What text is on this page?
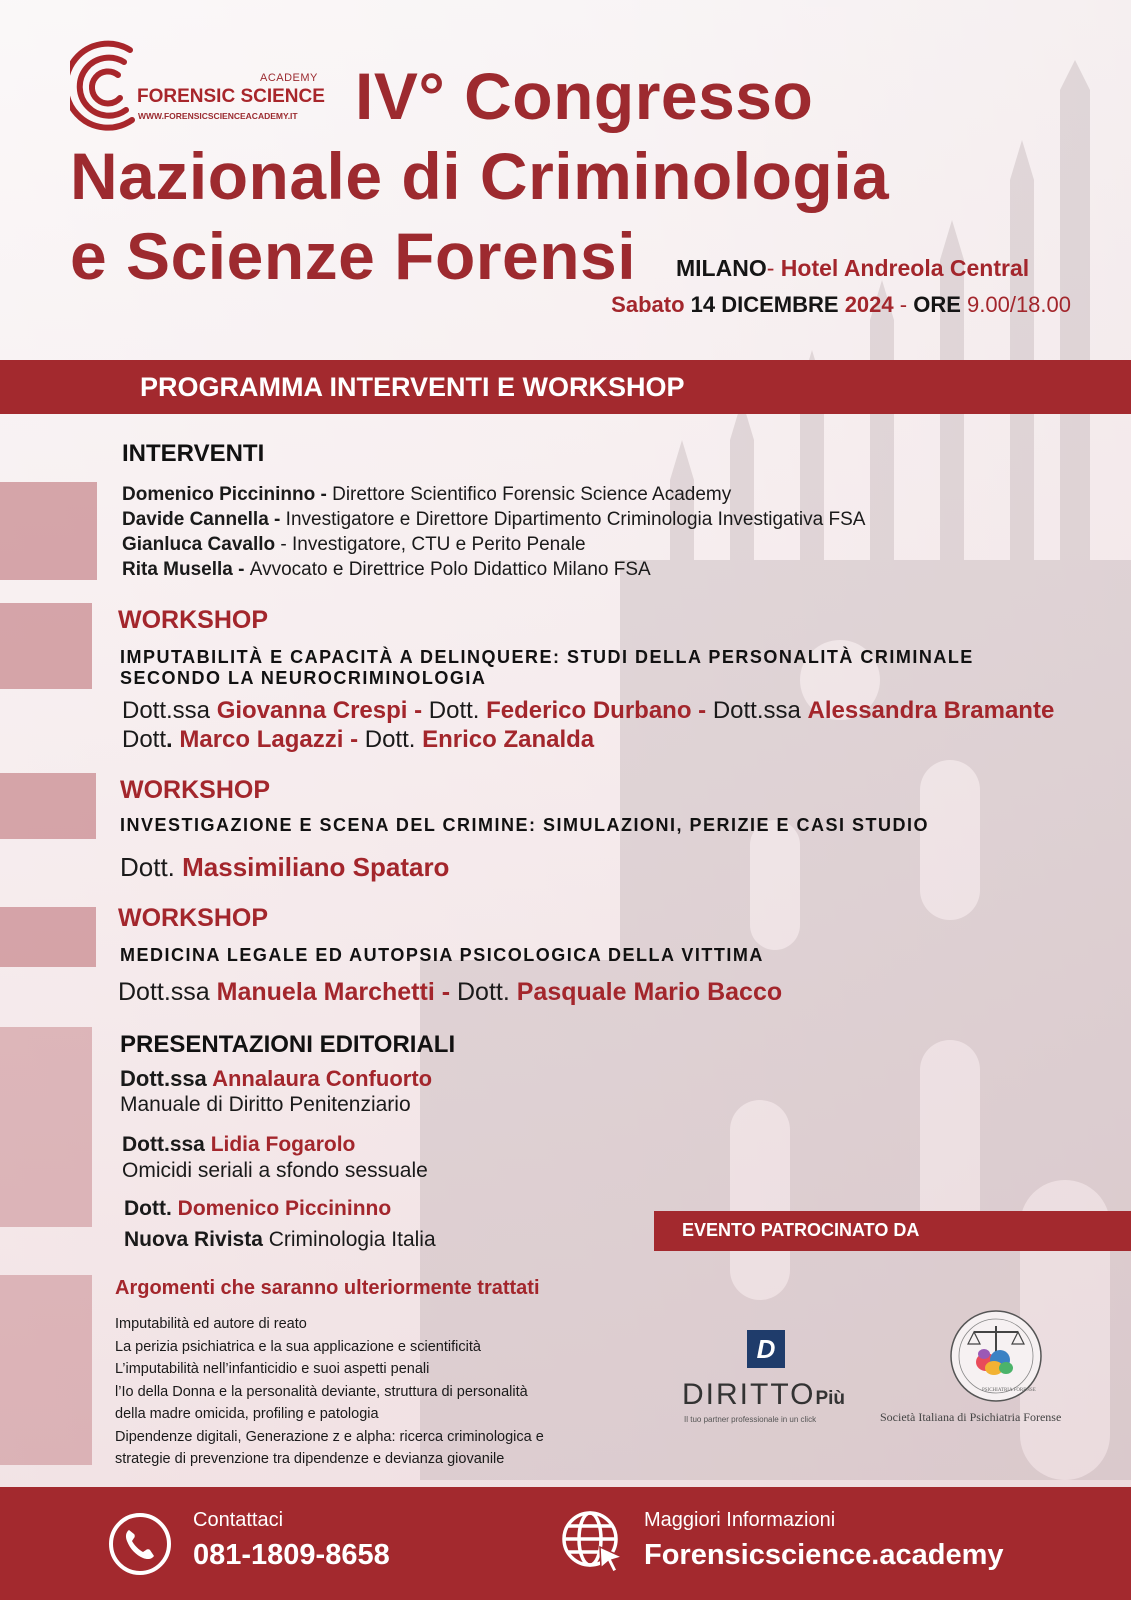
ACADEMY
FORENSIC SCIENCE
WWW.FORENSICSCIENCEACADEMY.IT IV° Congresso
Nazionale di Criminologia
e Scienze Forensi MILANO- Hotel Andreola Central
Sabato 14 DICEMBRE 2024 - ORE 9.00/18.00
PROGRAMMA INTERVENTI E WORKSHOP
INTERVENTI
Domenico Piccininno - Direttore Scientifico Forensic Science Academy
Davide Cannella - Investigatore e Direttore Dipartimento Criminologia Investigativa FSA
Gianluca Cavallo - Investigatore, CTU e Perito Penale
Rita Musella - Avvocato e Direttrice Polo Didattico Milano FSA
WORKSHOP
IMPUTABILITÀ E CAPACITÀ A DELINQUERE: STUDI DELLA PERSONALITÀ CRIMINALE
SECONDO LA NEUROCRIMINOLOGIA
Dott.ssa Giovanna Crespi - Dott. Federico Durbano - Dott.ssa Alessandra Bramante
Dott. Marco Lagazzi - Dott. Enrico Zanalda
WORKSHOP
INVESTIGAZIONE E SCENA DEL CRIMINE: SIMULAZIONI, PERIZIE E CASI STUDIO
Dott. Massimiliano Spataro
WORKSHOP
MEDICINA LEGALE ED AUTOPSIA PSICOLOGICA DELLA VITTIMA
Dott.ssa Manuela Marchetti - Dott. Pasquale Mario Bacco
PRESENTAZIONI EDITORIALI
Dott.ssa Annalaura Confuorto
Manuale di Diritto Penitenziario
Dott.ssa Lidia Fogarolo
Omicidi seriali a sfondo sessuale
Dott. Domenico Piccininno
Nuova Rivista Criminologia Italia
Argomenti che saranno ulteriormente trattati
Imputabilità ed autore di reato
La perizia psichiatrica e la sua applicazione e scientificità
L’imputabilità nell’infanticidio e suoi aspetti penali
l’Io della Donna e la personalità deviante, struttura di personalità
della madre omicida, profiling e patologia
Dipendenze digitali, Generazione z e alpha: ricerca criminologica e
strategie di prevenzione tra dipendenze e devianza giovanile
EVENTO PATROCINATO DA
D
DIRITTOPiù
Il tuo partner professionale in un click
PSICHIATRIA FORENSE
Società Italiana di Psichiatria Forense
Contattaci
081-1809-8658
Maggiori Informazioni
Forensicscience.academy
